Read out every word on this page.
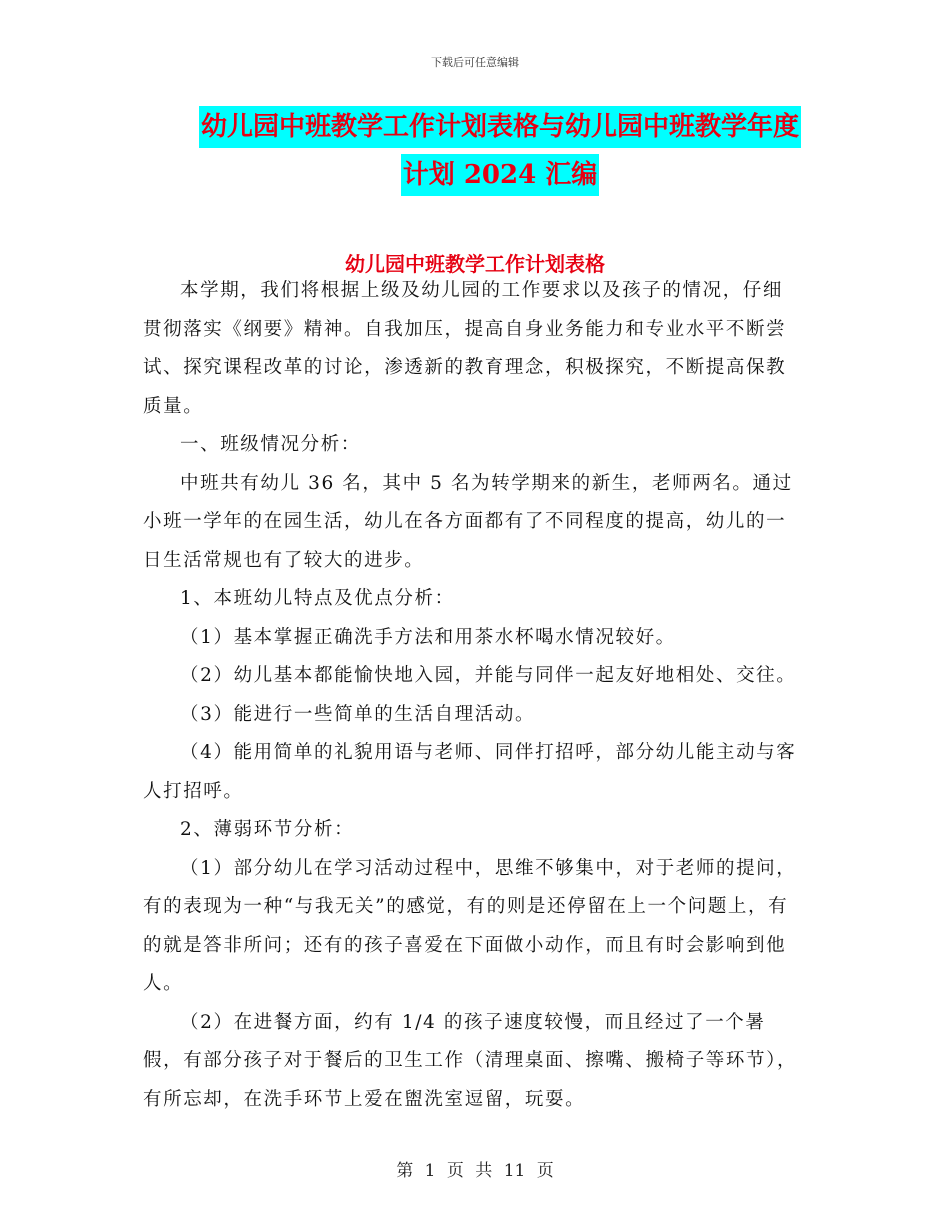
下载后可任意编辑
幼儿园中班教学工作计划表格与幼儿园中班教学年度
计划 2024 汇编
幼儿园中班教学工作计划表格

本学期，我们将根据上级及幼儿园的工作要求以及孩子的情况，仔细贯彻落实《纲要》精神。自我加压，提高自身业务能力和专业水平不断尝试、探究课程改革的讨论，渗透新的教育理念，积极探究，不断提高保教质量。

一、班级情况分析：

中班共有幼儿 36 名，其中 5 名为转学期来的新生，老师两名。通过小班一学年的在园生活，幼儿在各方面都有了不同程度的提高，幼儿的一日生活常规也有了较大的进步。

1、本班幼儿特点及优点分析：

（1）基本掌握正确洗手方法和用茶水杯喝水情况较好。

（2）幼儿基本都能愉快地入园，并能与同伴一起友好地相处、交往。

（3）能进行一些简单的生活自理活动。

（4）能用简单的礼貌用语与老师、同伴打招呼，部分幼儿能主动与客人打招呼。

2、薄弱环节分析：

（1）部分幼儿在学习活动过程中，思维不够集中，对于老师的提问，有的表现为一种“与我无关”的感觉，有的则是还停留在上一个问题上，有的就是答非所问；还有的孩子喜爱在下面做小动作，而且有时会影响到他人。

（2）在进餐方面，约有 1/4 的孩子速度较慢，而且经过了一个暑假，有部分孩子对于餐后的卫生工作（清理桌面、擦嘴、搬椅子等环节），有所忘却，在洗手环节上爱在盥洗室逗留，玩耍。

第 1 页 共 11 页
